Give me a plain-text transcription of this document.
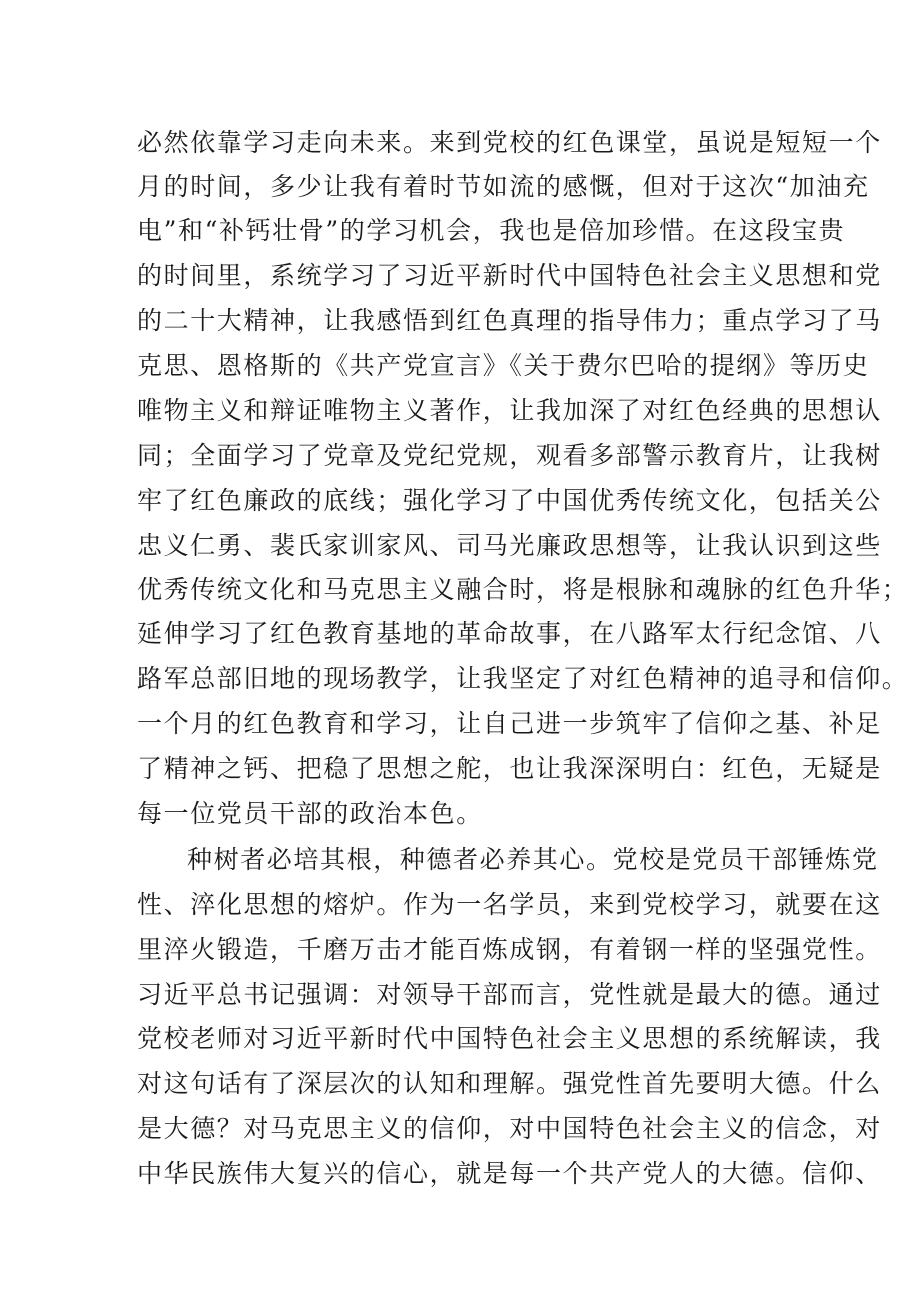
必然依靠学习走向未来。来到党校的红色课堂，虽说是短短一个
月的时间，多少让我有着时节如流的感慨，但对于这次“加油充
电”和“补钙壮骨”的学习机会，我也是倍加珍惜。在这段宝贵
的时间里，系统学习了习近平新时代中国特色社会主义思想和党
的二十大精神，让我感悟到红色真理的指导伟力；重点学习了马
克思、恩格斯的《共产党宣言》《关于费尔巴哈的提纲》等历史
唯物主义和辩证唯物主义著作，让我加深了对红色经典的思想认
同；全面学习了党章及党纪党规，观看多部警示教育片，让我树
牢了红色廉政的底线；强化学习了中国优秀传统文化，包括关公
忠义仁勇、裴氏家训家风、司马光廉政思想等，让我认识到这些
优秀传统文化和马克思主义融合时，将是根脉和魂脉的红色升华；
延伸学习了红色教育基地的革命故事，在八路军太行纪念馆、八
路军总部旧地的现场教学，让我坚定了对红色精神的追寻和信仰。
一个月的红色教育和学习，让自己进一步筑牢了信仰之基、补足
了精神之钙、把稳了思想之舵，也让我深深明白：红色，无疑是
每一位党员干部的政治本色。
种树者必培其根，种德者必养其心。党校是党员干部锤炼党
性、淬化思想的熔炉。作为一名学员，来到党校学习，就要在这
里淬火锻造，千磨万击才能百炼成钢，有着钢一样的坚强党性。
习近平总书记强调：对领导干部而言，党性就是最大的德。通过
党校老师对习近平新时代中国特色社会主义思想的系统解读，我
对这句话有了深层次的认知和理解。强党性首先要明大德。什么
是大德？对马克思主义的信仰，对中国特色社会主义的信念，对
中华民族伟大复兴的信心，就是每一个共产党人的大德。信仰、
